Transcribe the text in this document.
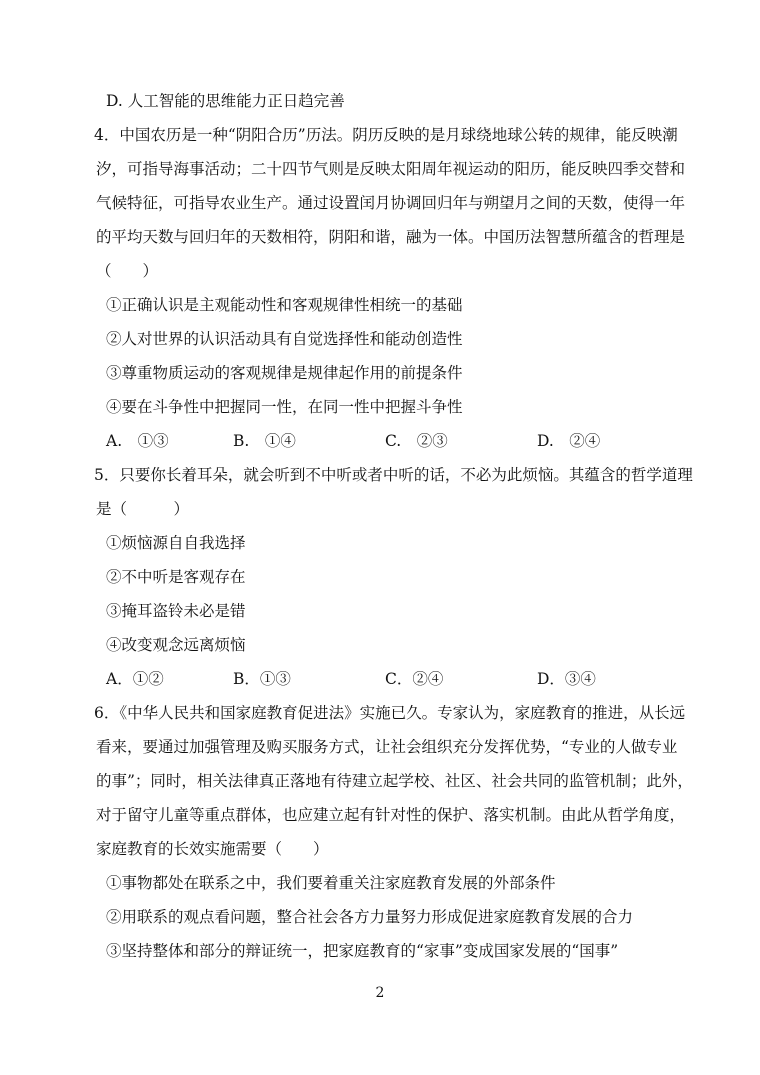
D. 人工智能的思维能力正日趋完善
4．中国农历是一种“阴阳合历”历法。阴历反映的是月球绕地球公转的规律，能反映潮
汐，可指导海事活动；二十四节气则是反映太阳周年视运动的阳历，能反映四季交替和
气候特征，可指导农业生产。通过设置闰月协调回归年与朔望月之间的天数，使得一年
的平均天数与回归年的天数相符，阴阳和谐，融为一体。中国历法智慧所蕴含的哲理是
（　　）
①正确认识是主观能动性和客观规律性相统一的基础
②人对世界的认识活动具有自觉选择性和能动创造性
③尊重物质运动的客观规律是规律起作用的前提条件
④要在斗争性中把握同一性，在同一性中把握斗争性
A.　①③	B.　①④	C.　②③	D.　②④
5．只要你长着耳朵，就会听到不中听或者中听的话，不必为此烦恼。其蕴含的哲学道理
是（　　　）
①烦恼源自自我选择
②不中听是客观存在
③掩耳盗铃未必是错
④改变观念远离烦恼
A．①②	B．①③	C．②④	D．③④
6．《中华人民共和国家庭教育促进法》实施已久。专家认为，家庭教育的推进，从长远
看来，要通过加强管理及购买服务方式，让社会组织充分发挥优势，“专业的人做专业
的事”；同时，相关法律真正落地有待建立起学校、社区、社会共同的监管机制；此外，
对于留守儿童等重点群体，也应建立起有针对性的保护、落实机制。由此从哲学角度，
家庭教育的长效实施需要（　　）
①事物都处在联系之中，我们要着重关注家庭教育发展的外部条件
②用联系的观点看问题，整合社会各方力量努力形成促进家庭教育发展的合力
③坚持整体和部分的辩证统一，把家庭教育的“家事”变成国家发展的“国事”
2
